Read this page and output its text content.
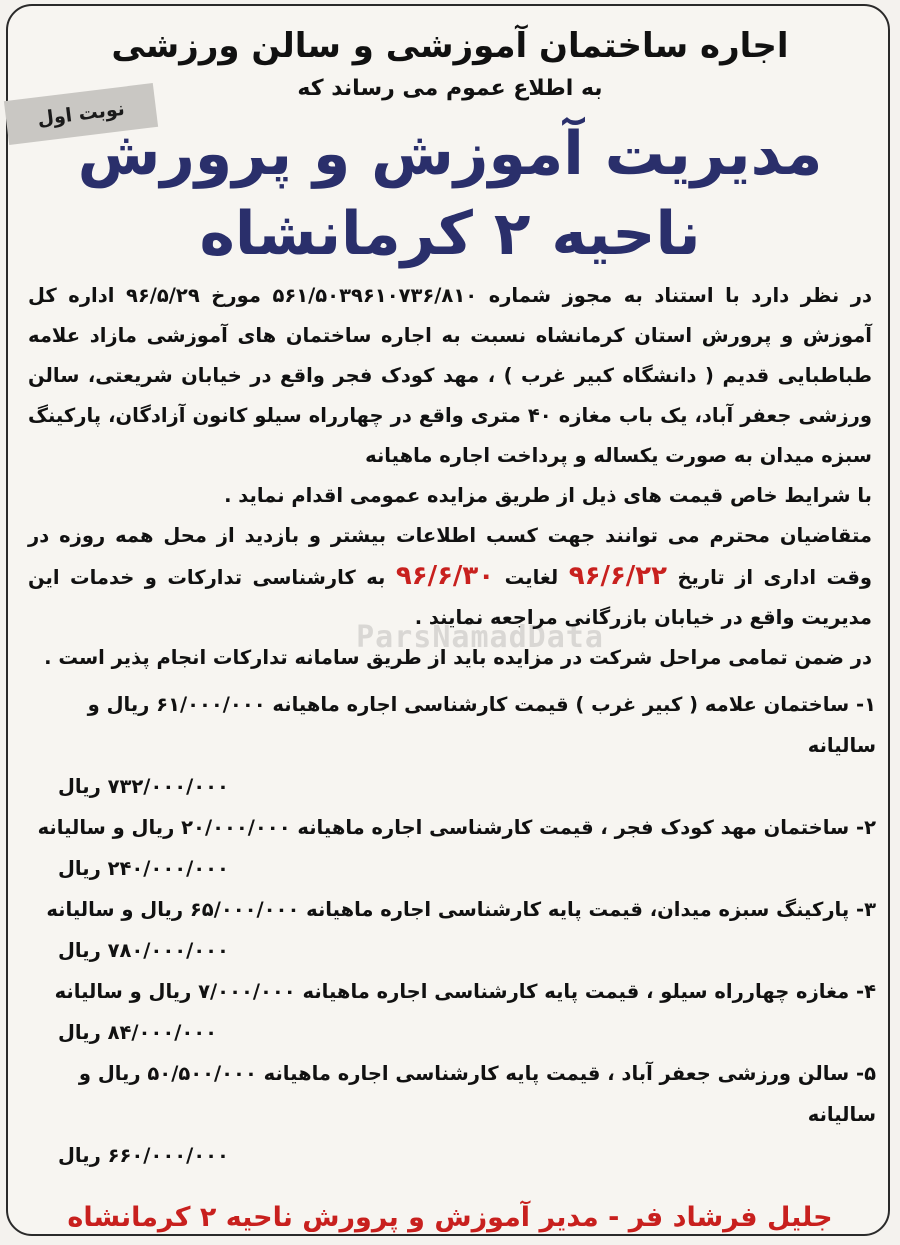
نوبت اول
ParsNamadData
اجاره ساختمان آموزشی و سالن ورزشی
به اطلاع عموم می رساند که
مدیریت آموزش و پرورش
ناحیه ۲ کرمانشاه
در نظر دارد با استناد به مجوز شماره ۵۶۱/۵۰۳۹۶۱۰۷۳۶/۸۱۰ مورخ ۹۶/۵/۲۹ اداره کل آموزش و پرورش استان کرمانشاه نسبت به اجاره ساختمان های آموزشی مازاد علامه طباطبایی قدیم ( دانشگاه کبیر غرب ) ، مهد کودک فجر واقع در خیابان شریعتی، سالن ورزشی جعفر آباد، یک باب مغازه ۴۰ متری واقع در چهارراه سیلو کانون آزادگان، پارکینگ سبزه میدان به صورت یکساله و پرداخت اجاره ماهیانه
با شرایط خاص قیمت های ذیل از طریق مزایده عمومی اقدام نماید .
متقاضیان محترم می توانند جهت کسب اطلاعات بیشتر و بازدید از محل همه روزه در وقت اداری از تاریخ ۹۶/۶/۲۲ لغایت ۹۶/۶/۳۰ به کارشناسی تدارکات و خدمات این مدیریت واقع در خیابان بازرگانی مراجعه نمایند .
در ضمن تمامی مراحل شرکت در مزایده باید از طریق سامانه تدارکات انجام پذیر است .
۱- ساختمان علامه ( کبیر غرب ) قیمت کارشناسی اجاره ماهیانه ۶۱/۰۰۰/۰۰۰ ریال و سالیانه
۷۳۲/۰۰۰/۰۰۰ ریال
۲- ساختمان مهد کودک فجر ، قیمت کارشناسی اجاره ماهیانه ۲۰/۰۰۰/۰۰۰ ریال و سالیانه
۲۴۰/۰۰۰/۰۰۰ ریال
۳- پارکینگ سبزه میدان، قیمت پایه کارشناسی اجاره ماهیانه ۶۵/۰۰۰/۰۰۰ ریال و سالیانه
۷۸۰/۰۰۰/۰۰۰ ریال
۴- مغازه چهارراه سیلو ، قیمت پایه کارشناسی اجاره ماهیانه ۷/۰۰۰/۰۰۰ ریال و سالیانه
۸۴/۰۰۰/۰۰۰ ریال
۵- سالن ورزشی جعفر آباد ، قیمت پایه کارشناسی اجاره ماهیانه ۵۰/۵۰۰/۰۰۰ ریال و سالیانه
۶۶۰/۰۰۰/۰۰۰ ریال
جلیل فرشاد فر - مدیر آموزش و پرورش ناحیه ۲ کرمانشاه
